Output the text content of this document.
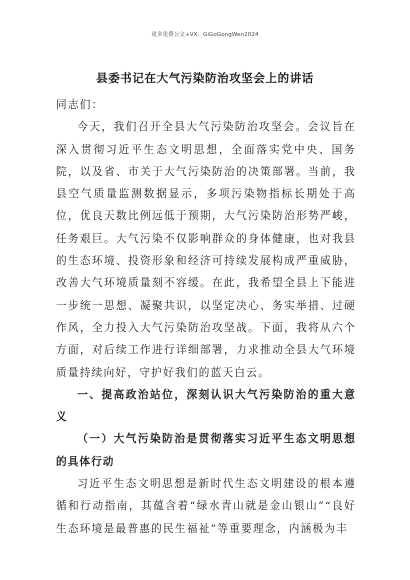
更多免费公文+VX：GiGoGongWen2024
县委书记在大气污染防治攻坚会上的讲话

同志们：

今天，我们召开全县大气污染防治攻坚会。会议旨在深入贯彻习近平生态文明思想，全面落实党中央、国务院，以及省、市关于大气污染防治的决策部署。当前，我县空气质量监测数据显示，多项污染物指标长期处于高位，优良天数比例远低于预期，大气污染防治形势严峻，任务艰巨。大气污染不仅影响群众的身体健康，也对我县的生态环境、投资形象和经济可持续发展构成严重威胁，改善大气环境质量刻不容缓。在此，我希望全县上下能进一步统一思想、凝聚共识，以坚定决心、务实举措、过硬作风，全力投入大气污染防治攻坚战。下面，我将从六个方面，对后续工作进行详细部署，力求推动全县大气环境质量持续向好，守护好我们的蓝天白云。

一、提高政治站位，深刻认识大气污染防治的重大意义

（一）大气污染防治是贯彻落实习近平生态文明思想的具体行动

习近平生态文明思想是新时代生态文明建设的根本遵循和行动指南，其蕴含着“绿水青山就是金山银山”“良好生态环境是最普惠的民生福祉”等重要理念，内涵极为丰
